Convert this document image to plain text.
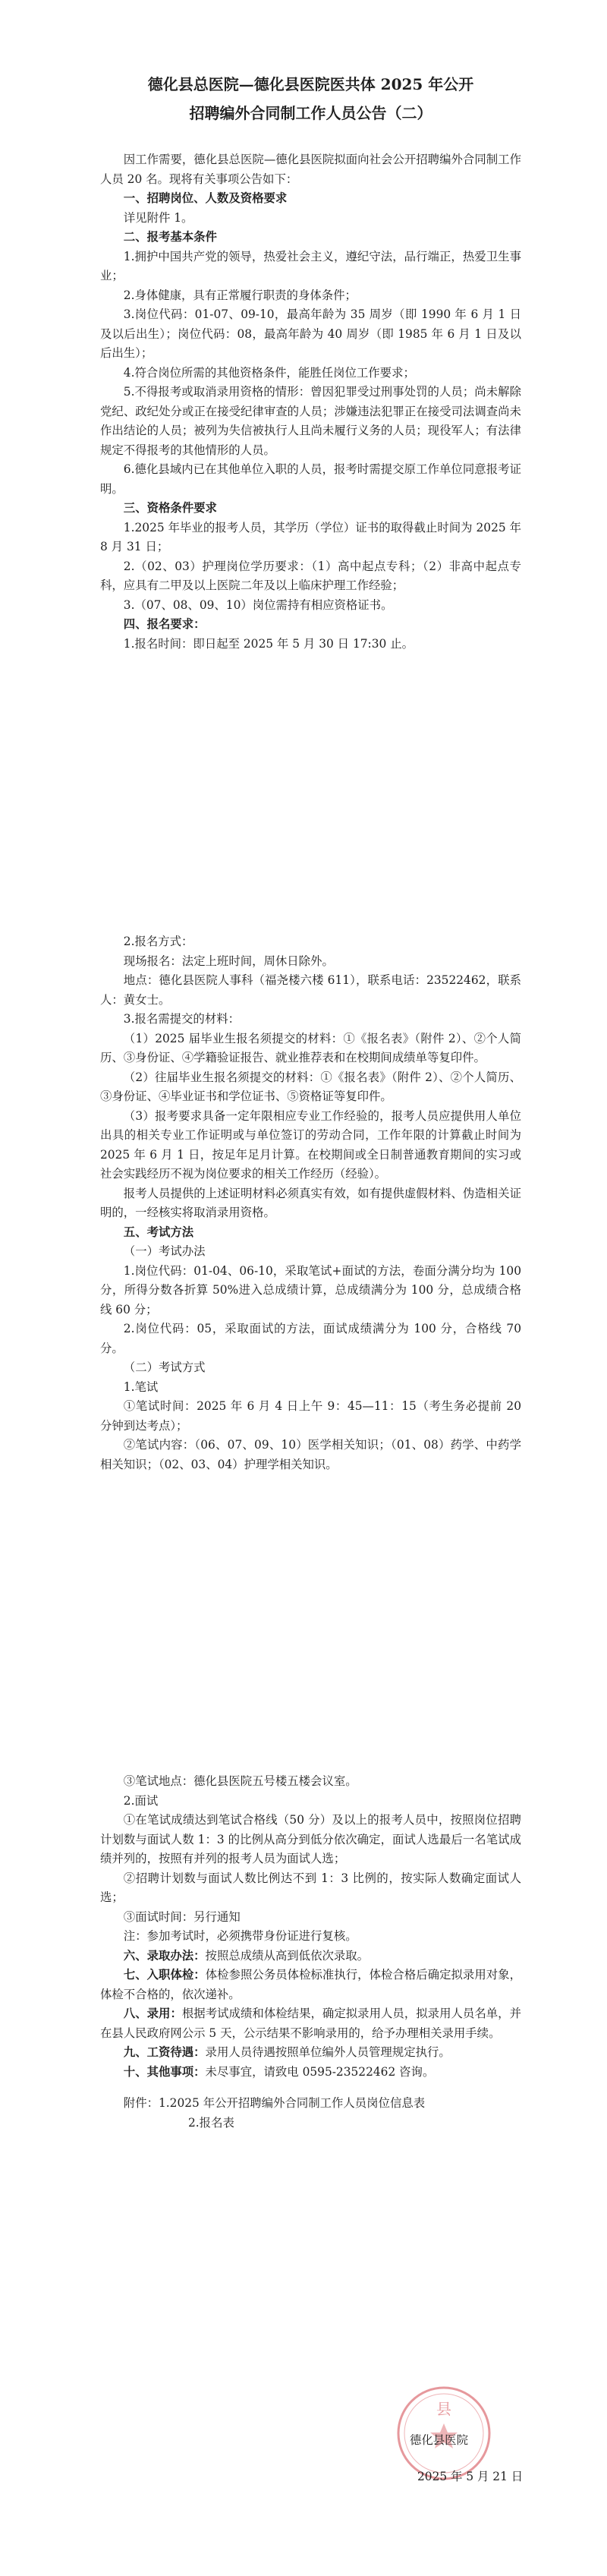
德化县总医院—德化县医院医共体 2025 年公开
招聘编外合同制工作人员公告（二）

因工作需要，德化县总医院—德化县医院拟面向社会公开招聘编外合同制工作人员 20 名。现将有关事项公告如下：

一、招聘岗位、人数及资格要求

详见附件 1。

二、报考基本条件

1.拥护中国共产党的领导，热爱社会主义，遵纪守法，品行端正，热爱卫生事业；

2.身体健康，具有正常履行职责的身体条件；

3.岗位代码：01-07、09-10，最高年龄为 35 周岁（即 1990 年 6 月 1 日及以后出生）；岗位代码：08，最高年龄为 40 周岁（即 1985 年 6 月 1 日及以后出生）；

4.符合岗位所需的其他资格条件，能胜任岗位工作要求；

5.不得报考或取消录用资格的情形：曾因犯罪受过刑事处罚的人员；尚未解除党纪、政纪处分或正在接受纪律审查的人员；涉嫌违法犯罪正在接受司法调查尚未作出结论的人员；被列为失信被执行人且尚未履行义务的人员；现役军人；有法律规定不得报考的其他情形的人员。

6.德化县域内已在其他单位入职的人员，报考时需提交原工作单位同意报考证明。

三、资格条件要求

1.2025 年毕业的报考人员，其学历（学位）证书的取得截止时间为 2025 年 8 月 31 日；

2.（02、03）护理岗位学历要求：（1）高中起点专科；（2）非高中起点专科，应具有二甲及以上医院二年及以上临床护理工作经验；

3.（07、08、09、10）岗位需持有相应资格证书。

四、报名要求：

1.报名时间：即日起至 2025 年 5 月 30 日 17:30 止。

2.报名方式：

现场报名：法定上班时间，周休日除外。

地点：德化县医院人事科（福尧楼六楼 611），联系电话：23522462，联系人：黄女士。

3.报名需提交的材料：

（1）2025 届毕业生报名须提交的材料：①《报名表》（附件 2）、②个人简历、③身份证、④学籍验证报告、就业推荐表和在校期间成绩单等复印件。

（2）往届毕业生报名须提交的材料：①《报名表》（附件 2）、②个人简历、③身份证、④毕业证书和学位证书、⑤资格证等复印件。

（3）报考要求具备一定年限相应专业工作经验的，报考人员应提供用人单位出具的相关专业工作证明或与单位签订的劳动合同，工作年限的计算截止时间为 2025 年 6 月 1 日，按足年足月计算。在校期间或全日制普通教育期间的实习或社会实践经历不视为岗位要求的相关工作经历（经验）。

报考人员提供的上述证明材料必须真实有效，如有提供虚假材料、伪造相关证明的，一经核实将取消录用资格。

五、考试方法

（一）考试办法

1.岗位代码：01-04、06-10，采取笔试+面试的方法，卷面分满分均为 100 分，所得分数各折算 50%进入总成绩计算，总成绩满分为 100 分，总成绩合格线 60 分；

2.岗位代码：05，采取面试的方法，面试成绩满分为 100 分，合格线 70 分。

（二）考试方式

1.笔试

①笔试时间：2025 年 6 月 4 日上午 9：45—11：15（考生务必提前 20 分钟到达考点）；

②笔试内容：（06、07、09、10）医学相关知识；（01、08）药学、中药学相关知识；（02、03、04）护理学相关知识。

③笔试地点：德化县医院五号楼五楼会议室。

2.面试

①在笔试成绩达到笔试合格线（50 分）及以上的报考人员中，按照岗位招聘计划数与面试人数 1：3 的比例从高分到低分依次确定，面试人选最后一名笔试成绩并列的，按照有并列的报考人员为面试人选；

②招聘计划数与面试人数比例达不到 1：3 比例的，按实际人数确定面试人选；

③面试时间：另行通知

注：参加考试时，必须携带身份证进行复核。

六、录取办法：按照总成绩从高到低依次录取。

七、入职体检：体检参照公务员体检标准执行，体检合格后确定拟录用对象，体检不合格的，依次递补。

八、录用：根据考试成绩和体检结果，确定拟录用人员，拟录用人员名单，并在县人民政府网公示 5 天，公示结果不影响录用的，给予办理相关录用手续。

九、工资待遇：录用人员待遇按照单位编外人员管理规定执行。

十、其他事项：未尽事宜，请致电 0595-23522462 咨询。

附件：1.2025 年公开招聘编外合同制工作人员岗位信息表

2.报名表

县
德化县医院
2025 年 5 月 21 日
